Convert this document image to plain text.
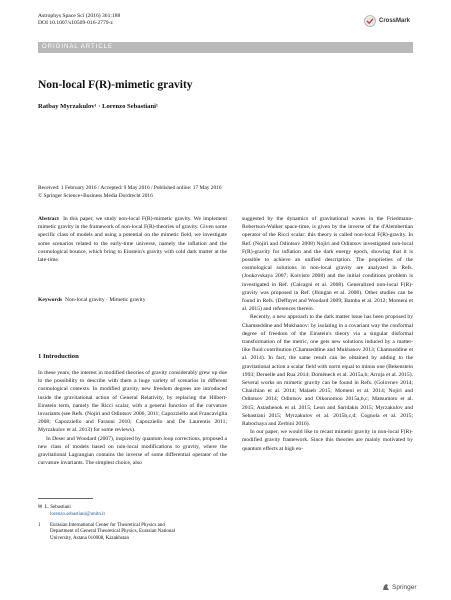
Astrophys Space Sci (2016) 361:188
DOI 10.1007/s10509-016-2779-z	CrossMark
ORIGINAL ARTICLE
Non-local F(R)-mimetic gravity
Ratbay Myrzakulov¹ · Lorenzo Sebastiani¹
Received: 1 February 2016 / Accepted: 9 May 2016 / Published online: 17 May 2016
© Springer Science+Business Media Dordrecht 2016

Abstract In this paper, we study non-local F(R)-mimetic gravity. We implement mimetic gravity in the framework of non-local F(R)-theories of gravity. Given some specific class of models and using a potential on the mimetic field, we investigate some scenarios related to the early-time universe, namely the inflation and the cosmological bounce, which bring to Einstein's gravity with cold dark matter at the late-time.

Keywords Non-local gravity · Mimetic gravity
1 Introduction

In these years, the interest in modified theories of gravity considerably grew up due to the possibility to describe with them a huge variety of scenarios in different cosmological contexts. In modified gravity, new freedom degrees are introduced inside the gravitational action of General Relativity, by replacing the Hilbert-Einstein term, namely the Ricci scalar, with a general function of the curvature invariants (see Refs. (Nojiri and Odintsov 2006, 2011; Capozziello and Francaviglia 2008; Capozziello and Faraoni 2010; Capozziello and De Laurentis 2011; Myrzakulov et al. 2013) for some reviews).

In Deser and Woodard (2007), inspired by quantum loop corrections, proposed a new class of models based on non-local modifications to gravity, where the gravitational Lagrangian contains the inverse of some differential operator of the curvature invariants. The simplest choice, also

suggested by the dynamics of gravitational waves in the Friedmann-Robertson-Walker space-time, is given by the inverse of the d'Alembertian operator of the Ricci scalar: this theory is called non-local F(R)-gravity. In Ref. (Nojiri and Odintsov 2008) Nojiri and Odintsov investigated non-local F(R)-gravity for inflation and the dark energy epoch, showing that it is possible to achieve an unified description. The proprieties of the cosmological solutions in non-local gravity are analyzed in Refs. (Joukovskaya 2007; Koivisto 2008) and the initial conditions problem is investigated in Ref. (Calcagni et al. 2008). Generalized non-local F(R)-gravity was proposed in Ref. (Jhingan et al. 2008). Other studies can be found in Refs. (Deffayet and Woodard 2009; Bamba et al. 2012; Momeni et al. 2015) and references therein.

Recently, a new approach to the dark matter issue has been proposed by Chamseddine and Mukhanov: by isolating in a covariant way the conformal degree of freedom of the Einstein's theory via a singular disformal transformation of the metric, one gets new solutions induced by a matter-like fluid contribution (Chamseddine and Mukhanov 2013; Chamseddine et al. 2014). In fact, the same result can be obtained by adding to the gravitational action a scalar field with norm equal to minus one (Bekenstein 1993; Deruelle and Rua 2014; Domènech et al. 2015a,b; Arroja et al. 2015). Several works on mimetic gravity can be found in Refs. (Golovnev 2014; Chaichian et al. 2014; Malaeb 2015; Momeni et al. 2014; Nojiri and Odintsov 2014; Odintsov and Oikonomou 2015a,b,c; Matsumoto et al. 2015; Astashenok et al. 2015; Leon and Saridakis 2015; Myrzakulov and Sebastiani 2015; Myrzakulov et al. 2015b,c,d; Cognola et al. 2015; Rabochaya and Zerbini 2016).

In our paper, we would like to recast mimetic gravity in non-local F(R)-modified gravity framework. Since this theories are mainly motivated by quantum effects at high en-

✉ L. Sebastiani
lorenzo.sebastiani@unitn.it
1 Eurasian International Center for Theoretical Physics and
Department of General Theoretical Physics, Eurasian National
University, Astana 010008, Kazakhstan
Springer
